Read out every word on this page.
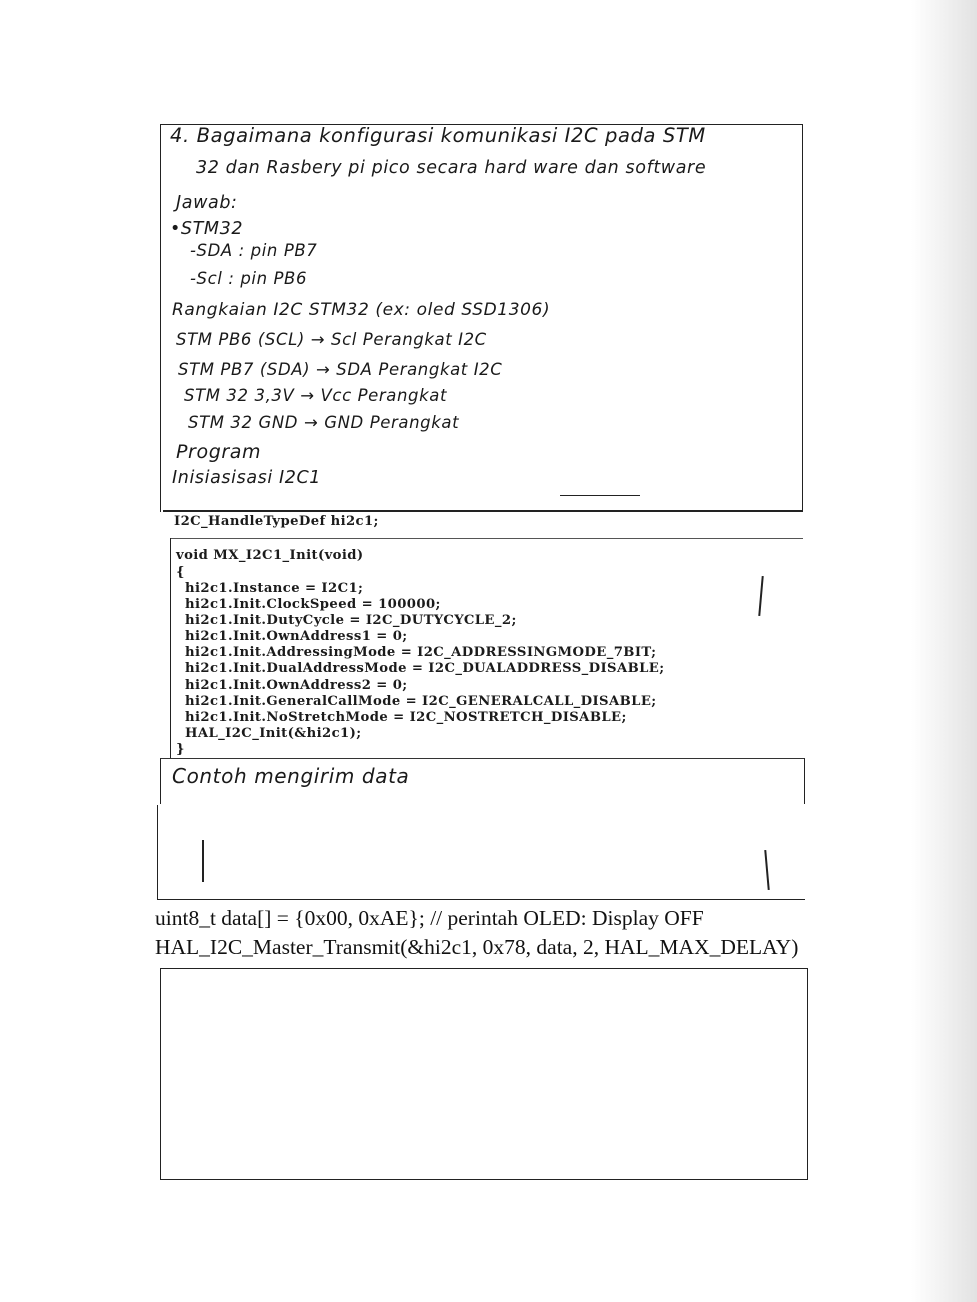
4. Bagaimana konfigurasi komunikasi I2C pada STM
32 dan Rasbery pi pico secara hard ware dan software
Jawab:
•STM32
-SDA : pin PB7
-Scl : pin PB6
Rangkaian I2C STM32 (ex: oled SSD1306)
STM PB6 (SCL) → Scl Perangkat I2C
STM PB7 (SDA) → SDA Perangkat I2C
STM 32 3,3V → Vcc Perangkat
STM 32 GND → GND Perangkat
Program
Inisiasisasi I2C1
I2C_HandleTypeDef hi2c1;
void MX_I2C1_Init(void)
{
hi2c1.Instance = I2C1;
hi2c1.Init.ClockSpeed = 100000;
hi2c1.Init.DutyCycle = I2C_DUTYCYCLE_2;
hi2c1.Init.OwnAddress1 = 0;
hi2c1.Init.AddressingMode = I2C_ADDRESSINGMODE_7BIT;
hi2c1.Init.DualAddressMode = I2C_DUALADDRESS_DISABLE;
hi2c1.Init.OwnAddress2 = 0;
hi2c1.Init.GeneralCallMode = I2C_GENERALCALL_DISABLE;
hi2c1.Init.NoStretchMode = I2C_NOSTRETCH_DISABLE;
HAL_I2C_Init(&hi2c1);
}
Contoh mengirim data
uint8_t data[] = {0x00, 0xAE}; // perintah OLED: Display OFF
HAL_I2C_Master_Transmit(&hi2c1, 0x78, data, 2, HAL_MAX_DELAY)
